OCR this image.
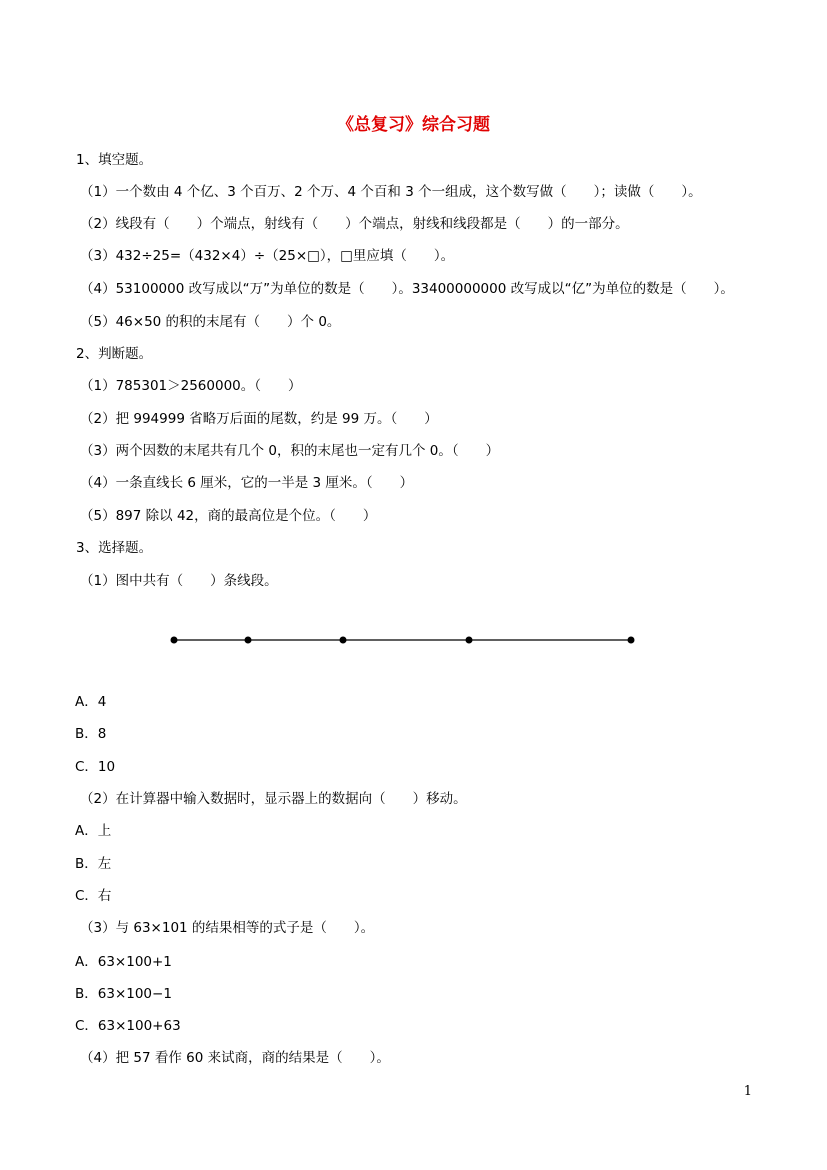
《总复习》综合习题
1、填空题。
（1）一个数由 4 个亿、3 个百万、2 个万、4 个百和 3 个一组成，这个数写做（　　）；读做（　　）。
（2）线段有（　　）个端点，射线有（　　）个端点，射线和线段都是（　　）的一部分。
（3）432÷25=（432×4）÷（25×□），□里应填（　　）。
（4）53100000 改写成以“万”为单位的数是（　　）。33400000000 改写成以“亿”为单位的数是（　　）。
（5）46×50 的积的末尾有（　　）个 0。
2、判断题。
（1）785301＞2560000。（　　）
（2）把 994999 省略万后面的尾数，约是 99 万。（　　）
（3）两个因数的末尾共有几个 0，积的末尾也一定有几个 0。（　　）
（4）一条直线长 6 厘米，它的一半是 3 厘米。（　　）
（5）897 除以 42，商的最高位是个位。（　　）
3、选择题。
（1）图中共有（　　）条线段。
A．4
B．8
C．10
（2）在计算器中输入数据时，显示器上的数据向（　　）移动。
A．上
B．左
C．右
（3）与 63×101 的结果相等的式子是（　　）。
A．63×100+1
B．63×100−1
C．63×100+63
（4）把 57 看作 60 来试商，商的结果是（　　）。
1
